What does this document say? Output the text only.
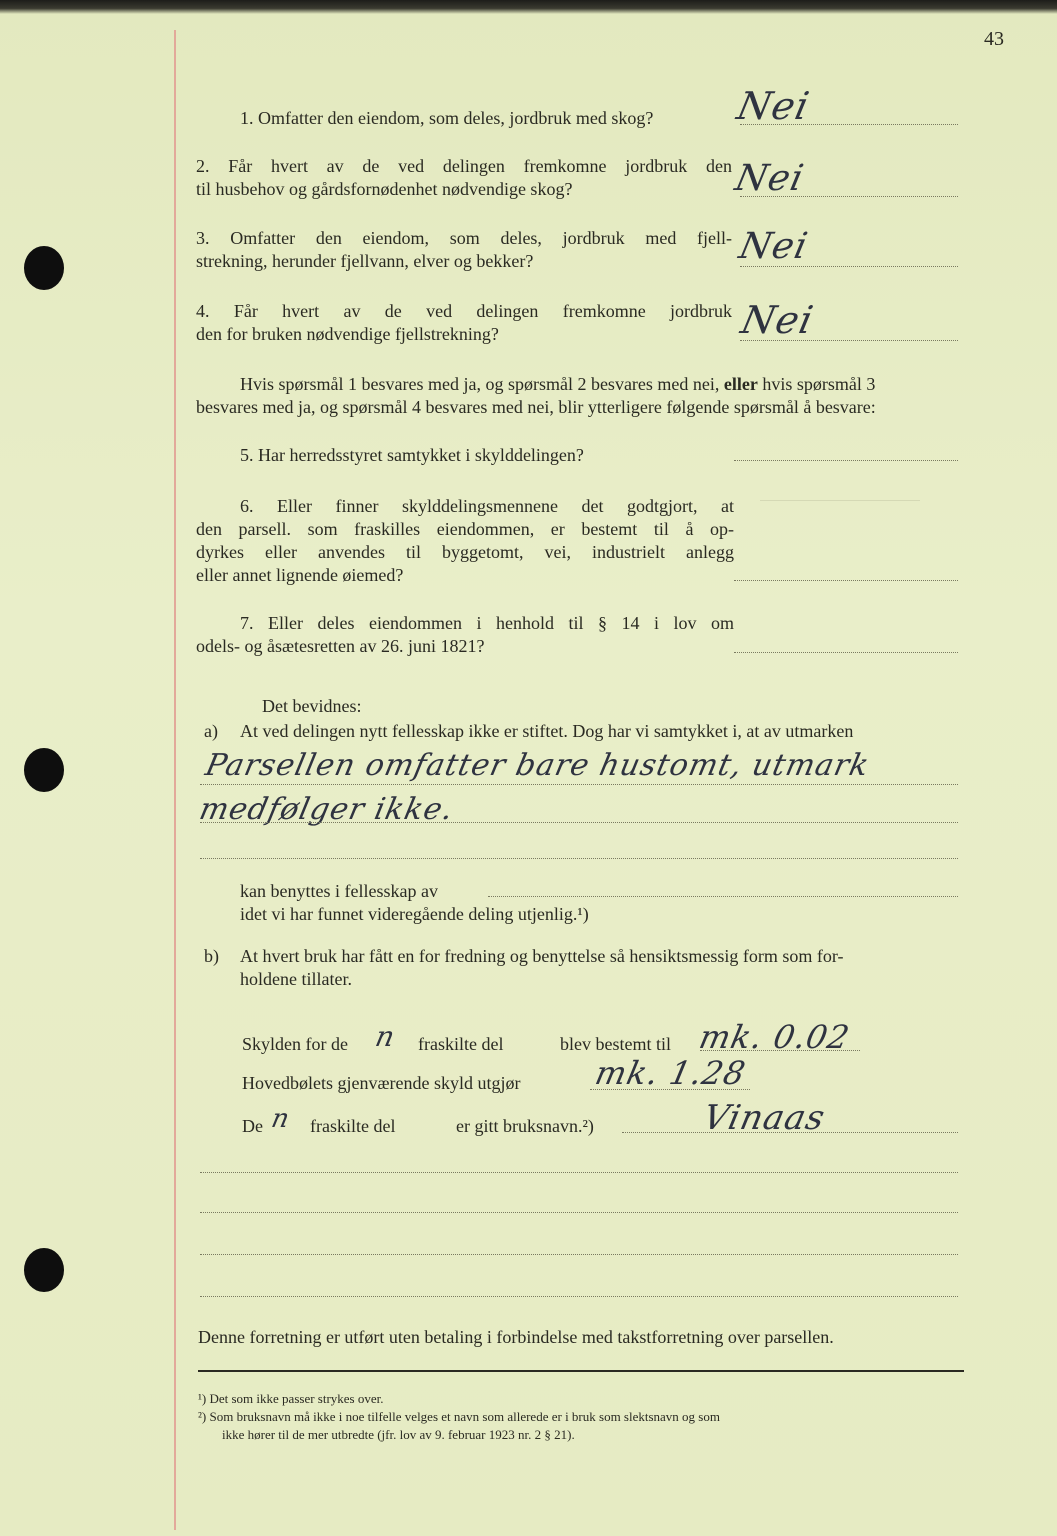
43
1. Omfatter den eiendom, som deles, jordbruk med skog? Nei
2. Får hvert av de ved delingen fremkomne jordbruk den
til husbehov og gårdsfornødenhet nødvendige skog?	Nei
3. Omfatter den eiendom, som deles, jordbruk med fjell-
strekning, herunder fjellvann, elver og bekker?	Nei
4. Får hvert av de ved delingen fremkomne jordbruk
den for bruken nødvendige fjellstrekning?	Nei
Hvis spørsmål 1 besvares med ja, og spørsmål 2 besvares med nei, eller hvis spørsmål 3
besvares med ja, og spørsmål 4 besvares med nei, blir ytterligere følgende spørsmål å besvare:
5. Har herredsstyret samtykket i skylddelingen?
6. Eller finner skylddelingsmennene det godtgjort, at
den parsell. som fraskilles eiendommen, er bestemt til å op-
dyrkes eller anvendes til byggetomt, vei, industrielt anlegg
eller annet lignende øiemed?
7. Eller deles eiendommen i henhold til § 14 i lov om
odels- og åsætesretten av 26. juni 1821?
Det bevidnes:
a) At ved delingen nytt fellesskap ikke er stiftet. Dog har vi samtykket i, at av utmarken
Parsellen omfatter bare hustomt, utmark
medfølger ikke.
kan benyttes i fellesskap av
idet vi har funnet videregående deling utjenlig.¹)
b) At hvert bruk har fått en for fredning og benyttelse så hensiktsmessig form som for-
holdene tillater.
Skylden for de n fraskilte del	blev bestemt til mk. 0.02
Hovedbølets gjenværende skyld utgjør mk. 1.28
De n fraskilte del	er gitt bruksnavn.²)	Vinaas
Denne forretning er utført uten betaling i forbindelse med takstforretning over parsellen.
¹) Det som ikke passer strykes over.
²) Som bruksnavn må ikke i noe tilfelle velges et navn som allerede er i bruk som slektsnavn og som
ikke hører til de mer utbredte (jfr. lov av 9. februar 1923 nr. 2 § 21).
